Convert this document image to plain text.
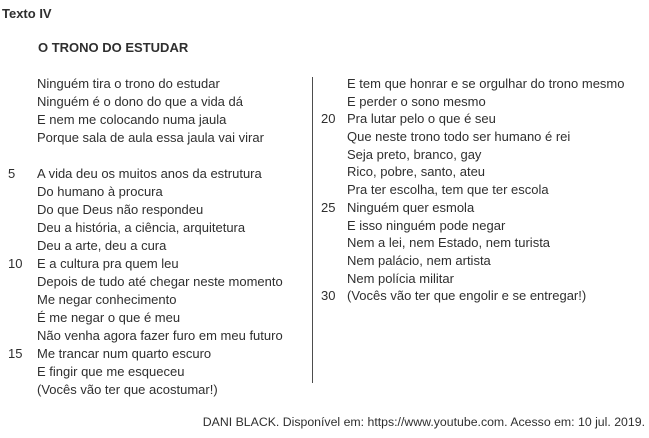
Texto IV
O TRONO DO ESTUDAR
Ninguém tira o trono do estudar
Ninguém é o dono do que a vida dá
E nem me colocando numa jaula
Porque sala de aula essa jaula vai virar
5	A vida deu os muitos anos da estrutura
Do humano à procura
Do que Deus não respondeu
Deu a história, a ciência, arquitetura
Deu a arte, deu a cura
10	E a cultura pra quem leu
Depois de tudo até chegar neste momento
Me negar conhecimento
É me negar o que é meu
Não venha agora fazer furo em meu futuro
15	Me trancar num quarto escuro
E fingir que me esqueceu
(Vocês vão ter que acostumar!)
E tem que honrar e se orgulhar do trono mesmo
E perder o sono mesmo
20 Pra lutar pelo o que é seu
Que neste trono todo ser humano é rei
Seja preto, branco, gay
Rico, pobre, santo, ateu
Pra ter escolha, tem que ter escola
25 Ninguém quer esmola
E isso ninguém pode negar
Nem a lei, nem Estado, nem turista
Nem palácio, nem artista
Nem polícia militar
30 (Vocês vão ter que engolir e se entregar!)
DANI BLACK. Disponível em: https://www.youtube.com. Acesso em: 10 jul. 2019.
